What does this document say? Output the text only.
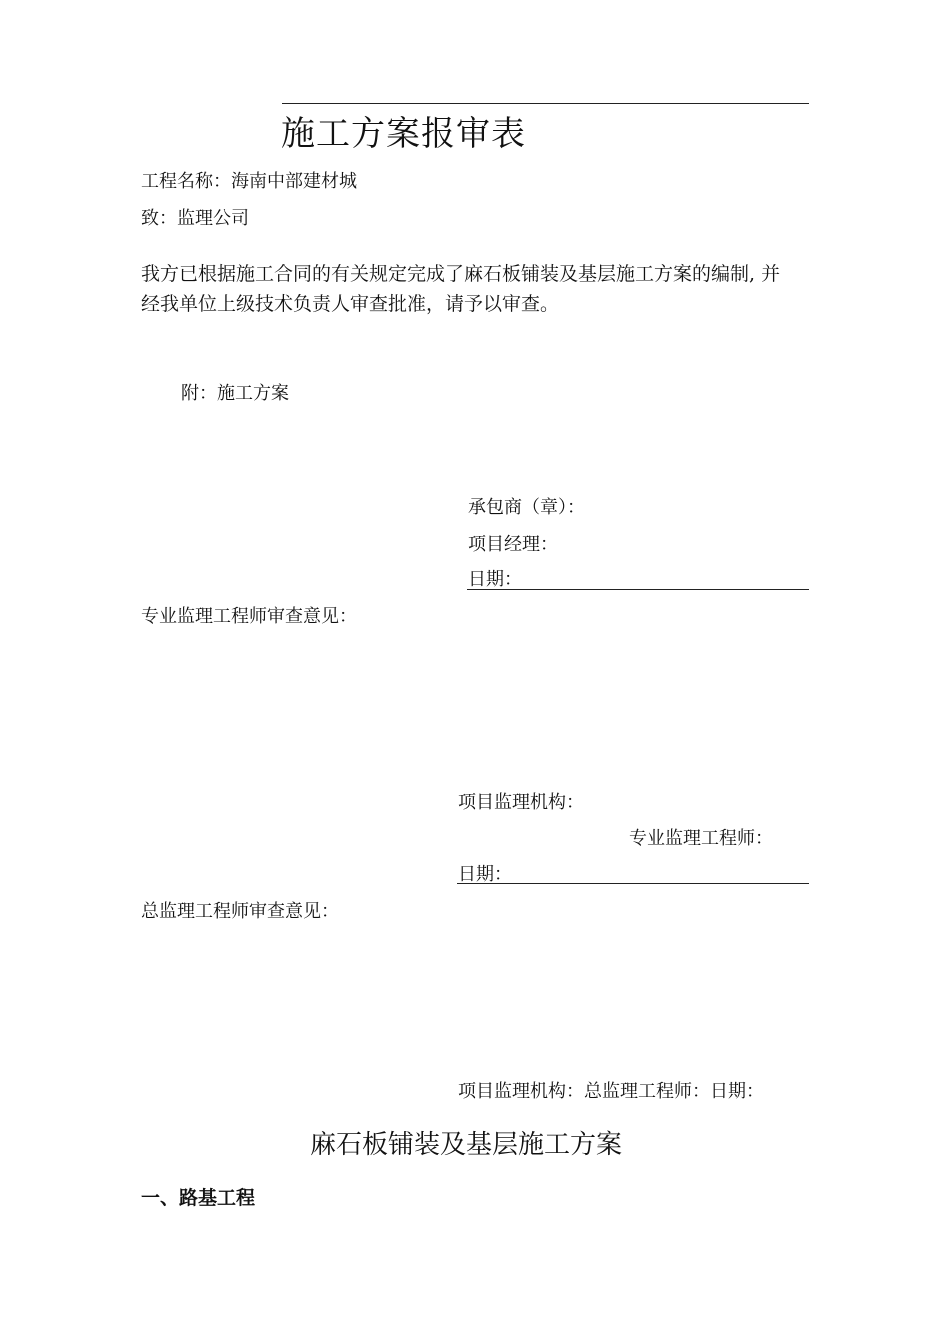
施工方案报审表
工程名称：海南中部建材城
致：监理公司
我方已根据施工合同的有关规定完成了麻石板铺装及基层施工方案的编制, 并
经我单位上级技术负责人审查批准，请予以审查。
附：施工方案
承包商（章）：
项目经理：
日期：
专业监理工程师审查意见：
项目监理机构：
专业监理工程师：
日期：
总监理工程师审查意见：
项目监理机构：总监理工程师：日期：
麻石板铺装及基层施工方案
一、路基工程
